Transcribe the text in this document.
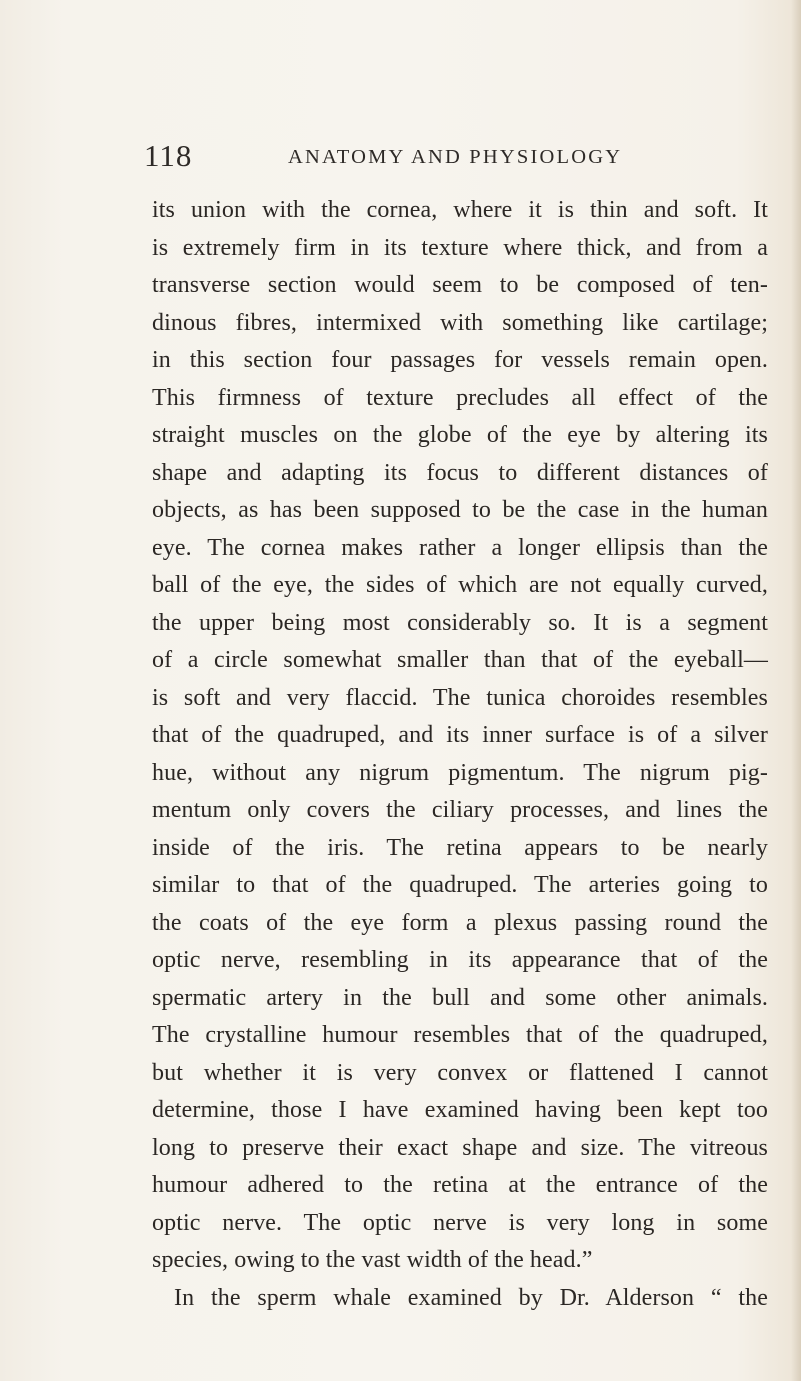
118	ANATOMY AND PHYSIOLOGY
its union with the cornea, where it is thin and soft. It
is extremely firm in its texture where thick, and from a
transverse section would seem to be composed of ten-
dinous fibres, intermixed with something like cartilage;
in this section four passages for vessels remain open.
This firmness of texture precludes all effect of the
straight muscles on the globe of the eye by altering its
shape and adapting its focus to different distances of
objects, as has been supposed to be the case in the human
eye. The cornea makes rather a longer ellipsis than the
ball of the eye, the sides of which are not equally curved,
the upper being most considerably so. It is a segment
of a circle somewhat smaller than that of the eyeball—
is soft and very flaccid. The tunica choroides resembles
that of the quadruped, and its inner surface is of a silver
hue, without any nigrum pigmentum. The nigrum pig-
mentum only covers the ciliary processes, and lines the
inside of the iris. The retina appears to be nearly
similar to that of the quadruped. The arteries going to
the coats of the eye form a plexus passing round the
optic nerve, resembling in its appearance that of the
spermatic artery in the bull and some other animals.
The crystalline humour resembles that of the quadruped,
but whether it is very convex or flattened I cannot
determine, those I have examined having been kept too
long to preserve their exact shape and size. The vitreous
humour adhered to the retina at the entrance of the
optic nerve. The optic nerve is very long in some
species, owing to the vast width of the head.”
In the sperm whale examined by Dr. Alderson “ the
